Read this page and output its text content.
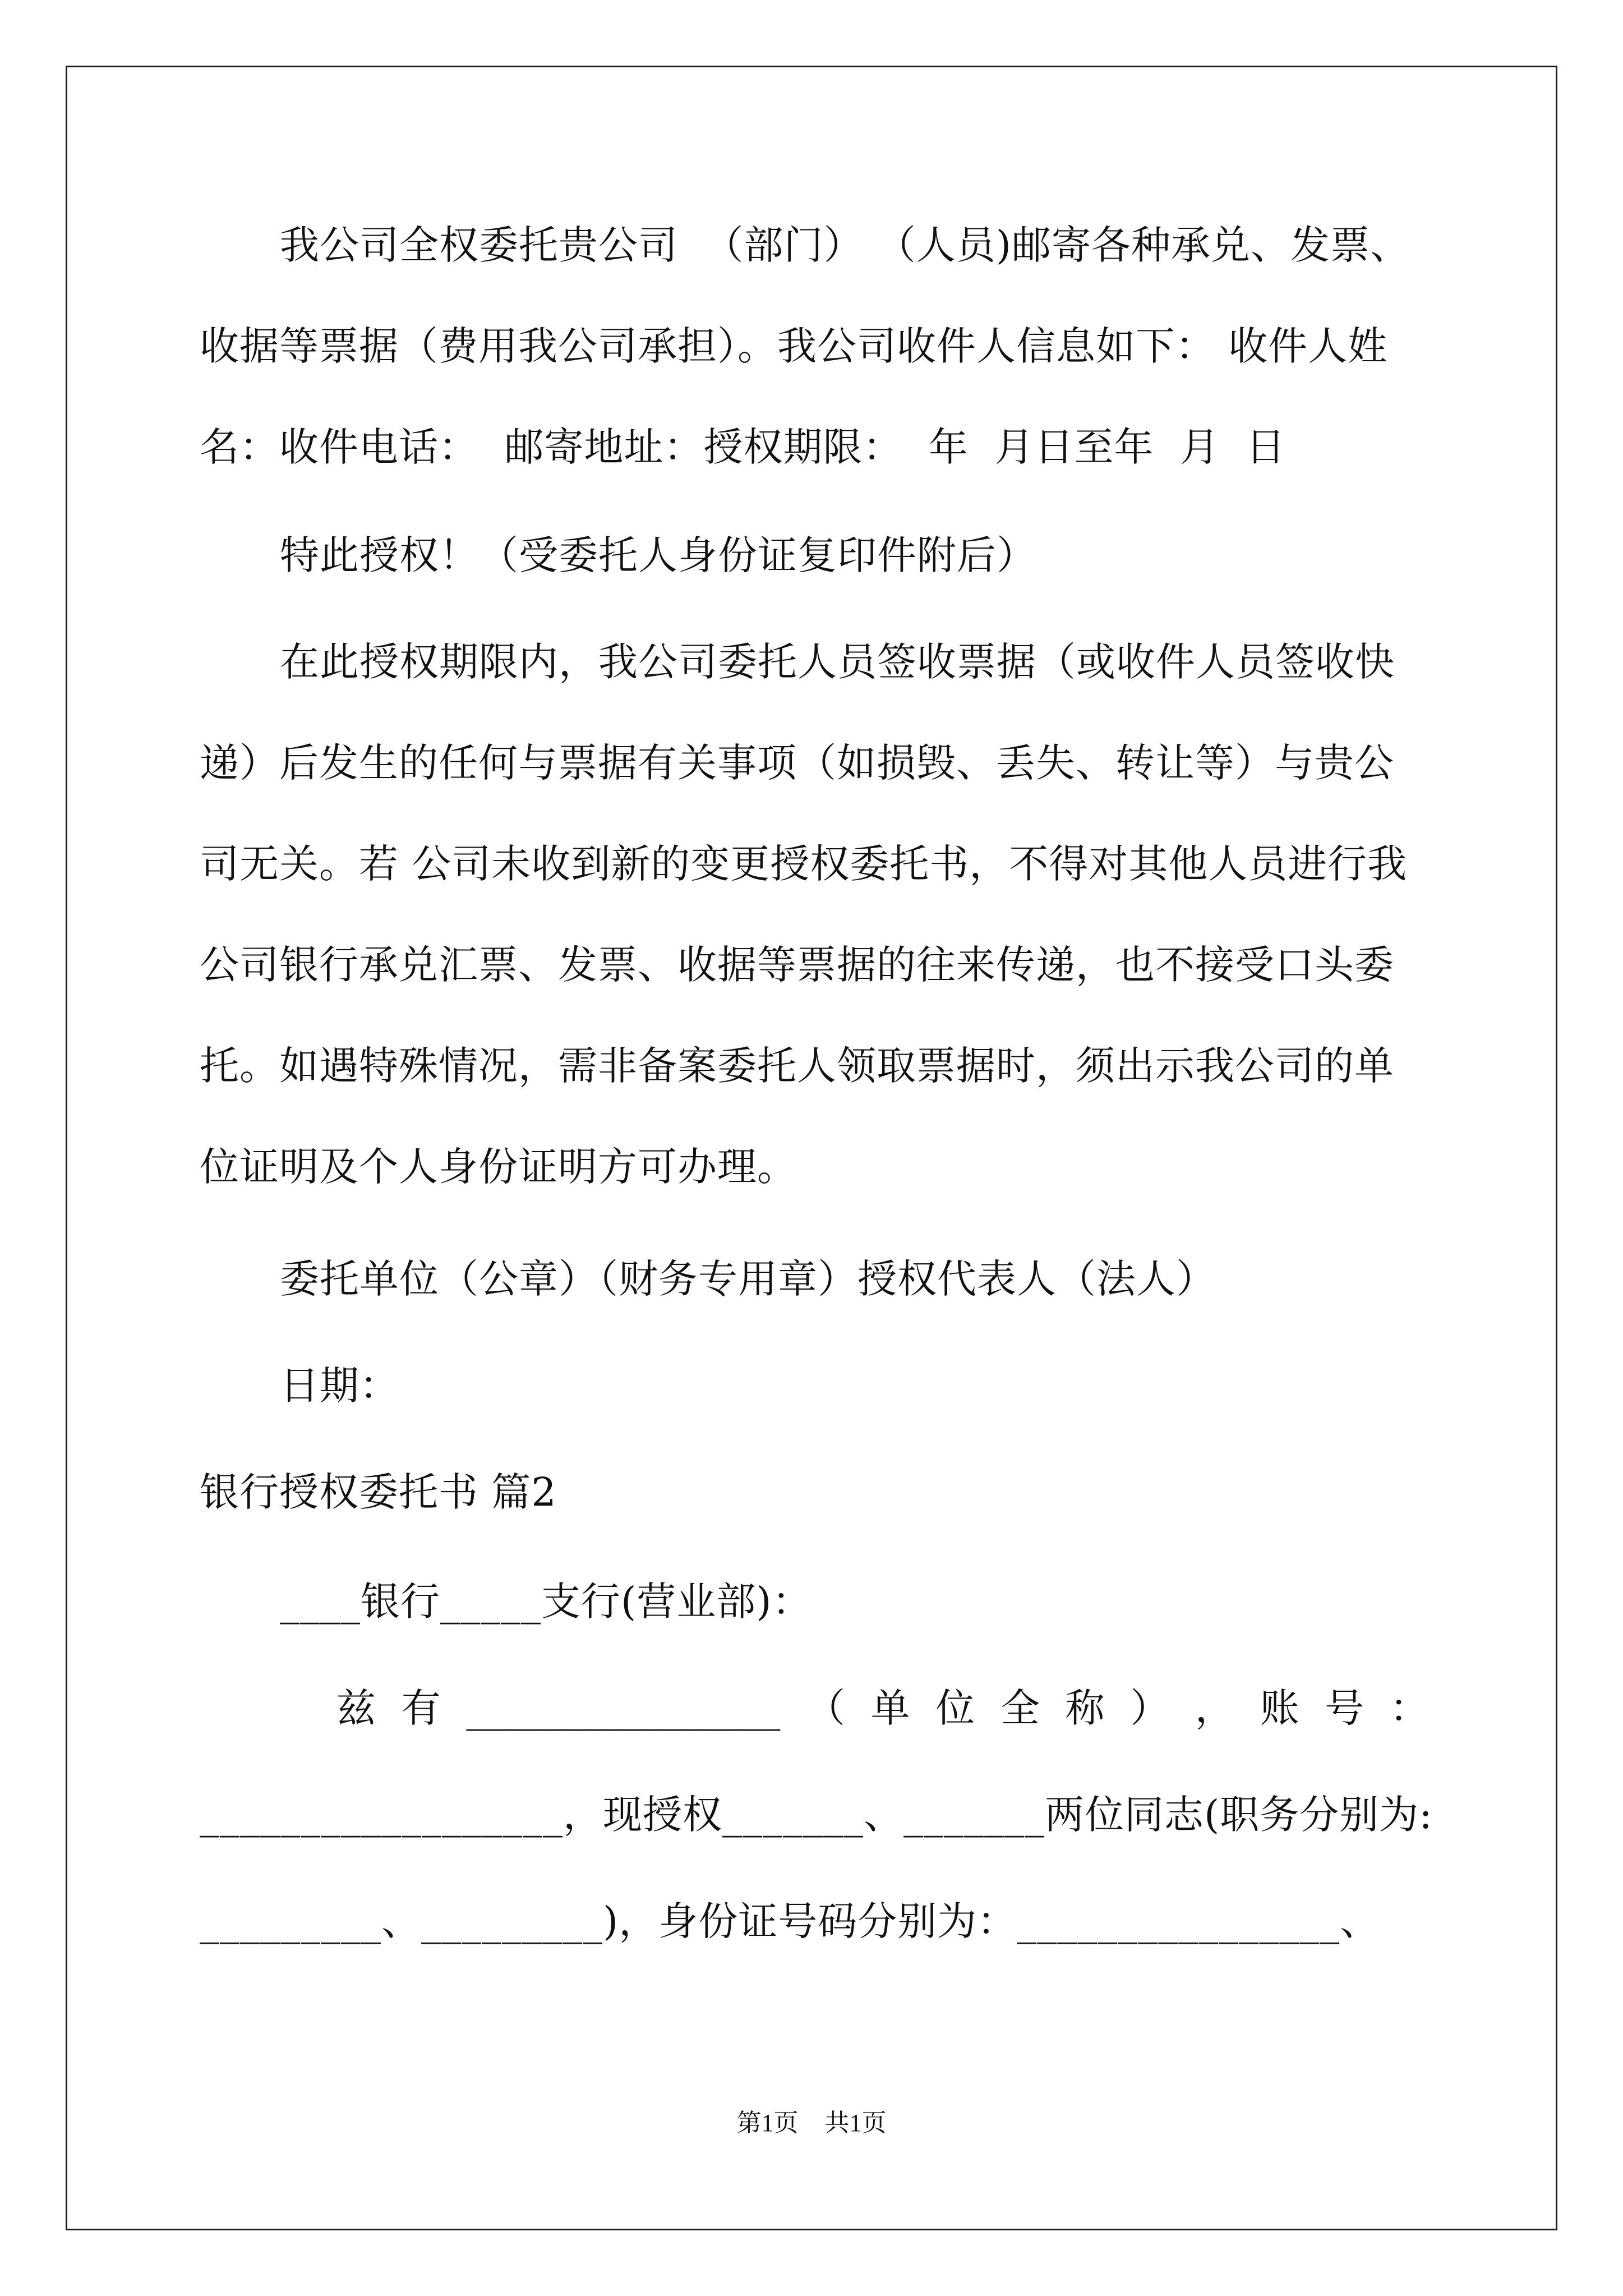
我公司全权委托贵公司  （部门） （人员)邮寄各种承兑、发票、
收据等票据（费用我公司承担）。我公司收件人信息如下： 收件人姓
名：收件电话：  邮寄地址：授权期限：  年  月日至年  月  日
特此授权！（受委托人身份证复印件附后）
在此授权期限内，我公司委托人员签收票据（或收件人员签收快
递）后发生的任何与票据有关事项（如损毁、丢失、转让等）与贵公
司无关。若 公司未收到新的变更授权委托书，不得对其他人员进行我
公司银行承兑汇票、发票、收据等票据的往来传递，也不接受口头委
托。如遇特殊情况，需非备案委托人领取票据时，须出示我公司的单
位证明及个人身份证明方可办理。
委托单位（公章）（财务专用章）授权代表人（法人）
日期：
银行授权委托书 篇2
____银行_____支行(营业部)：
兹 有 ________________ （ 单 位 全 称 ） ， 账 号 ：
__________________，现授权_______、_______两位同志(职务分别为:
_________、_________)，身份证号码分别为：________________、
第1页 共1页
